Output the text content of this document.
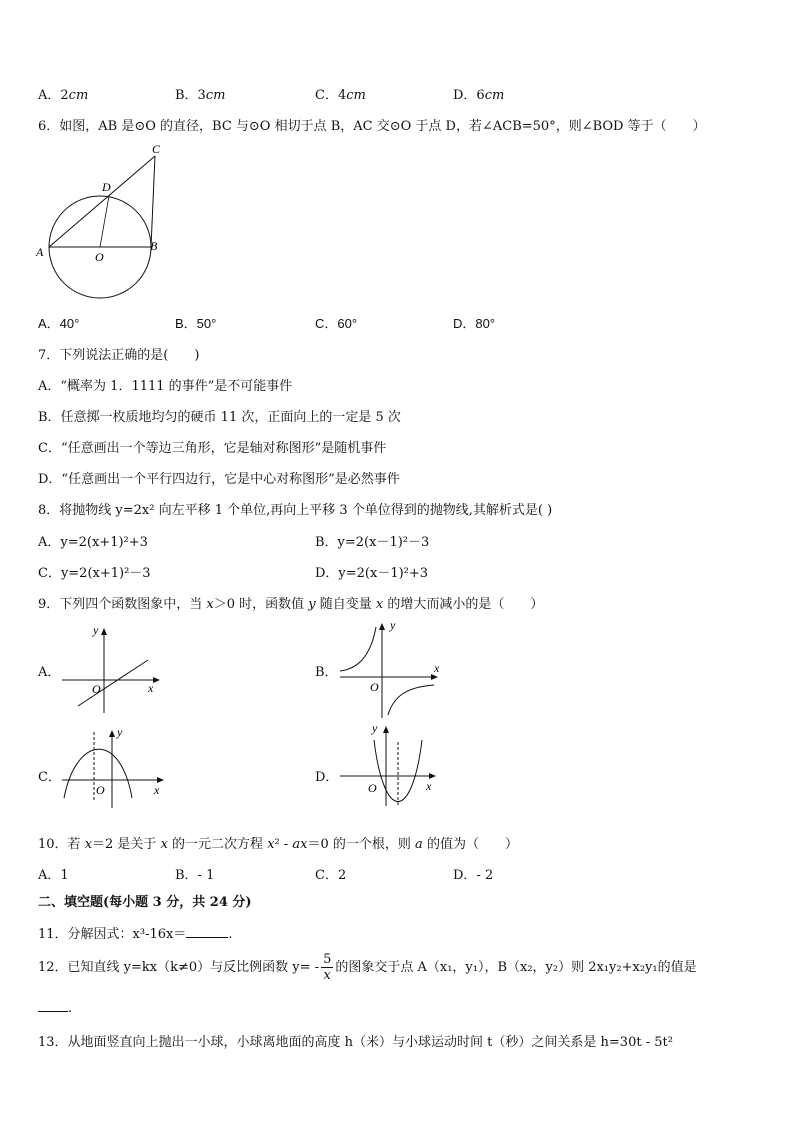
A．2cm	B．3cm	C．4cm	D．6cm
6．如图，AB 是⊙O 的直径，BC 与⊙O 相切于点 B，AC 交⊙O 于点 D，若∠ACB=50°，则∠BOD 等于（　　）
A	B
C
D
O
A．40°	B．50°	C．60°	D．80°
7．下列说法正确的是(　　)
A．“概率为 1．1111 的事件”是不可能事件
B．任意掷一枚质地均匀的硬币 11 次，正面向上的一定是 5 次
C．“任意画出一个等边三角形，它是轴对称图形”是随机事件
D．“任意画出一个平行四边行，它是中心对称图形”是必然事件
8．将抛物线 y=2x² 向左平移 1 个单位,再向上平移 3 个单位得到的抛物线,其解析式是( )
A．y=2(x+1)²+3	B．y=2(x－1)²－3
C．y=2(x+1)²－3	D．y=2(x－1)²+3
9．下列四个函数图象中，当 x＞0 时，函数值 y 随自变量 x 的增大而减小的是（　　）
A．
x
y
O
B．	x
y
O
C．
x
y
O
D．
x
y
O
10．若 x＝2 是关于 x 的一元二次方程 x² - ax＝0 的一个根，则 a 的值为（　　）
A．1	B．- 1	C．2	D．- 2
二、填空题(每小题 3 分，共 24 分)
11．分解因式：x³-16x＝	.
12．已知直线 y=kx（k≠0）与反比例函数 $y= - \frac{5}{x}$ 的图象交于点 A（x₁，y₁），B（x₂，y₂）则 2x₁y₂+x₂y₁的值是
.
13．从地面竖直向上抛出一小球，小球离地面的高度 h（米）与小球运动时间 t（秒）之间关系是 h=30t - 5t²
